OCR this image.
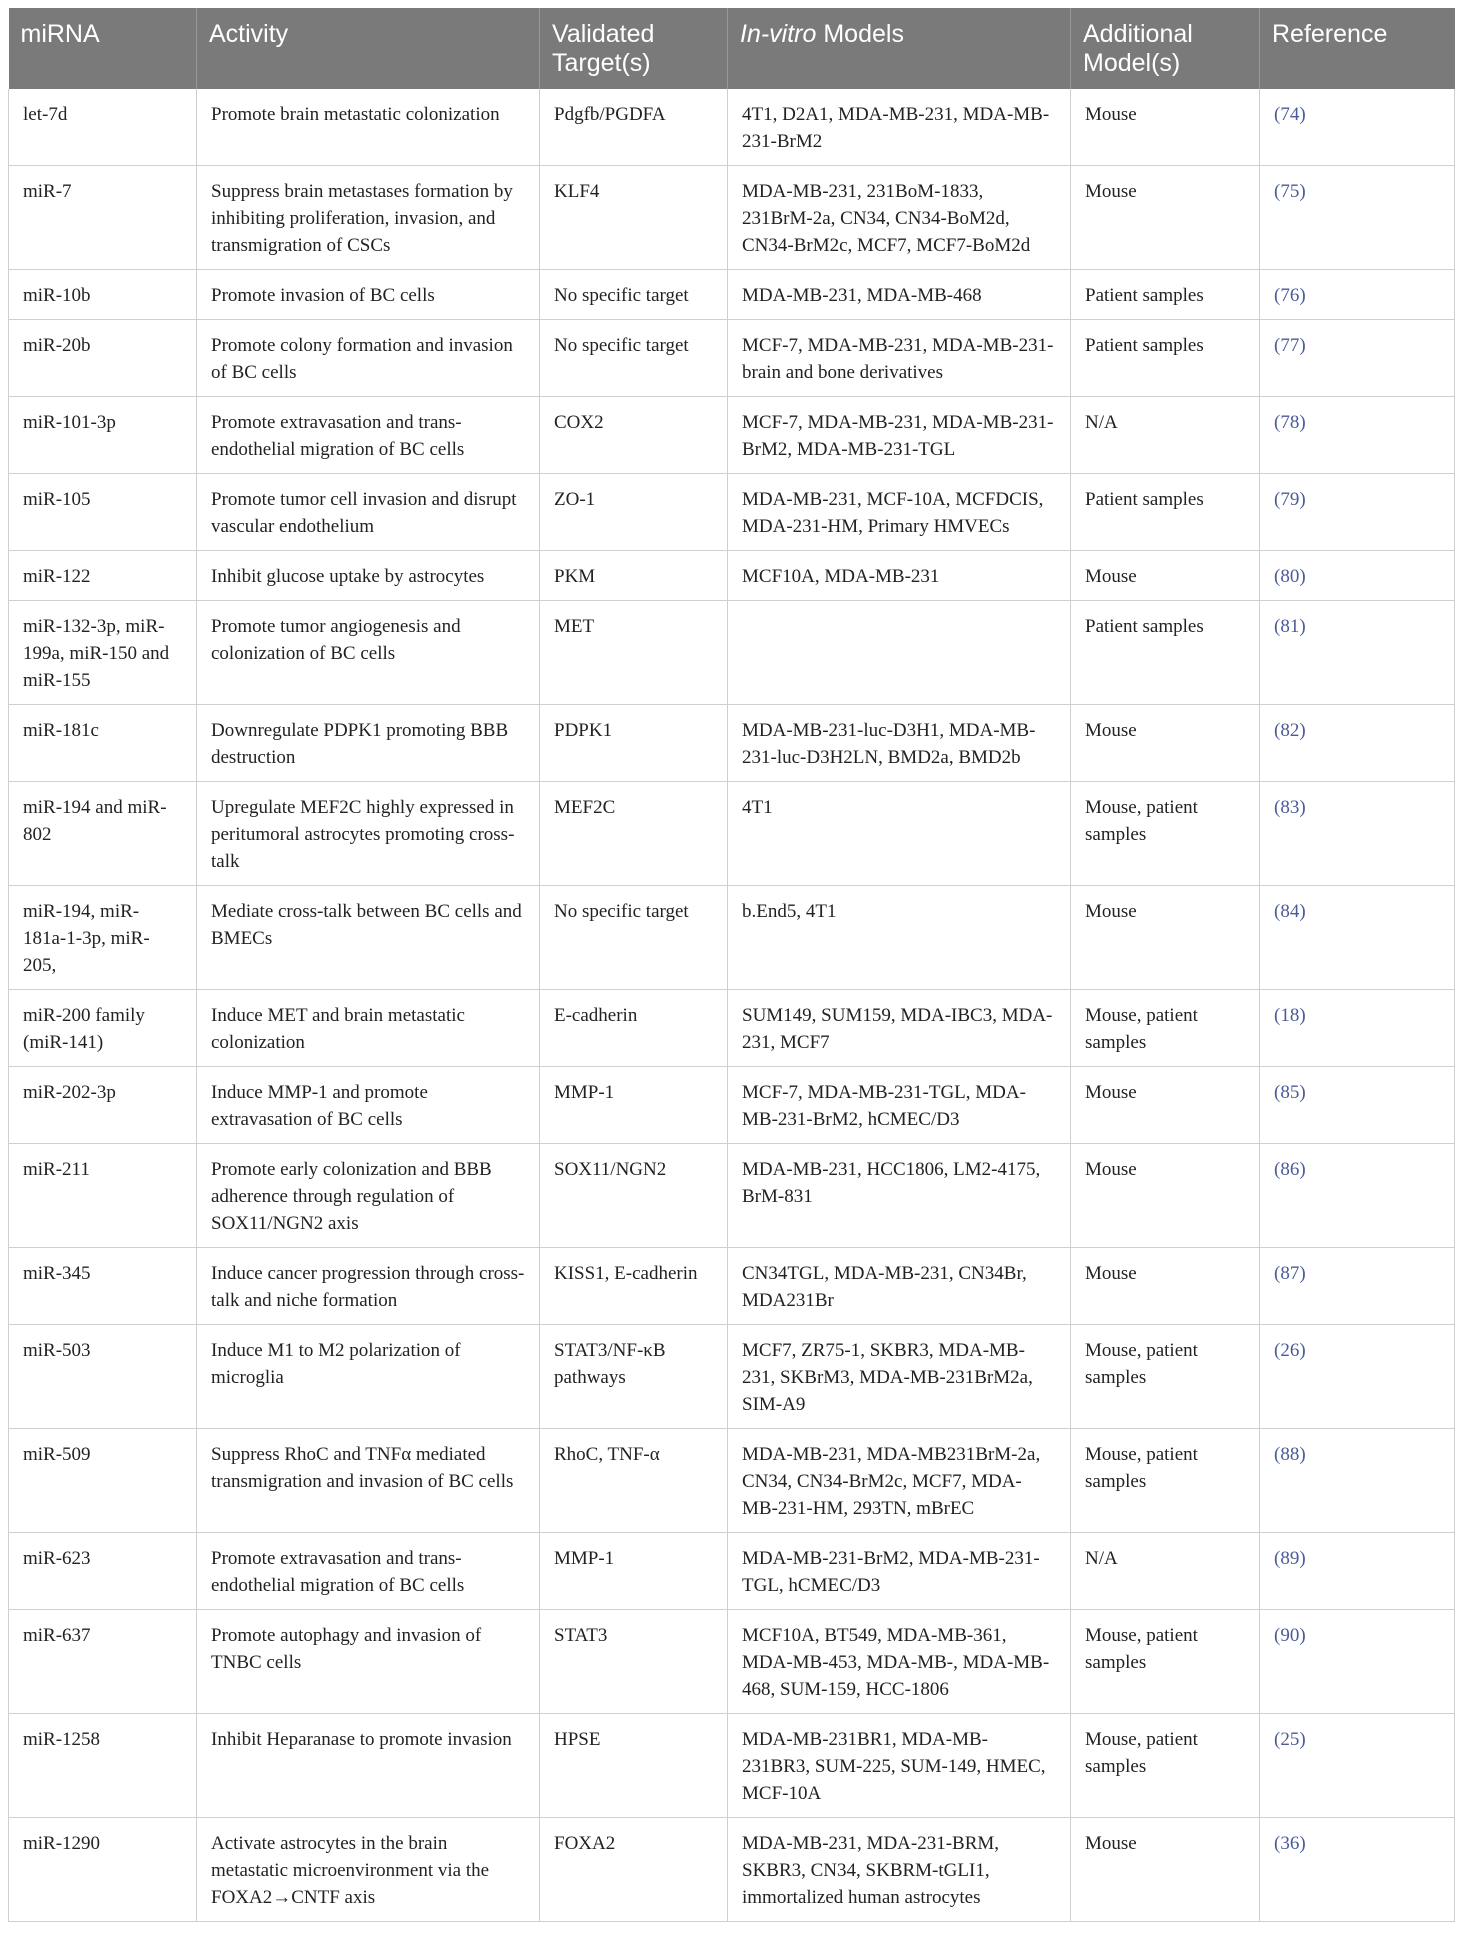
miRNA	Activity	Validated Target(s)	In-vitro Models	Additional Model(s)	Reference
let-7d	Promote brain metastatic colonization	Pdgfb/PGDFA	4T1, D2A1, MDA-MB-231, MDA-MB-231-BrM2	Mouse	(74)
miR-7	Suppress brain metastases formation by inhibiting proliferation, invasion, and transmigration of CSCs	KLF4	MDA-MB-231, 231BoM-1833, 231BrM-2a, CN34, CN34-BoM2d, CN34-BrM2c, MCF7, MCF7-BoM2d	Mouse	(75)
miR-10b	Promote invasion of BC cells	No specific target	MDA-MB-231, MDA-MB-468	Patient samples	(76)
miR-20b	Promote colony formation and invasion of BC cells	No specific target	MCF-7, MDA-MB-231, MDA-MB-231-brain and bone derivatives	Patient samples	(77)
miR-101-3p	Promote extravasation and trans-endothelial migration of BC cells	COX2	MCF-7, MDA-MB-231, MDA-MB-231-BrM2, MDA-MB-231-TGL	N/A	(78)
miR-105	Promote tumor cell invasion and disrupt vascular endothelium	ZO-1	MDA-MB-231, MCF-10A, MCFDCIS, MDA-231-HM, Primary HMVECs	Patient samples	(79)
miR-122	Inhibit glucose uptake by astrocytes	PKM	MCF10A, MDA-MB-231	Mouse	(80)
miR-132-3p, miR-199a, miR-150 and miR-155	Promote tumor angiogenesis and colonization of BC cells	MET		Patient samples	(81)
miR-181c	Downregulate PDPK1 promoting BBB destruction	PDPK1	MDA-MB-231-luc-D3H1, MDA-MB-231-luc-D3H2LN, BMD2a, BMD2b	Mouse	(82)
miR-194 and miR-802	Upregulate MEF2C highly expressed in peritumoral astrocytes promoting cross-talk	MEF2C	4T1	Mouse, patient samples	(83)
miR-194, miR-181a-1-3p, miR-205,	Mediate cross-talk between BC cells and BMECs	No specific target	b.End5, 4T1	Mouse	(84)
miR-200 family (miR-141)	Induce MET and brain metastatic colonization	E-cadherin	SUM149, SUM159, MDA-IBC3, MDA-231, MCF7	Mouse, patient samples	(18)
miR-202-3p	Induce MMP-1 and promote extravasation of BC cells	MMP-1	MCF-7, MDA-MB-231-TGL, MDA-MB-231-BrM2, hCMEC/D3	Mouse	(85)
miR-211	Promote early colonization and BBB adherence through regulation of SOX11/NGN2 axis	SOX11/NGN2	MDA-MB-231, HCC1806, LM2-4175, BrM-831	Mouse	(86)
miR-345	Induce cancer progression through cross-talk and niche formation	KISS1, E-cadherin	CN34TGL, MDA-MB-231, CN34Br, MDA231Br	Mouse	(87)
miR-503	Induce M1 to M2 polarization of microglia	STAT3/NF-κB pathways	MCF7, ZR75-1, SKBR3, MDA-MB-231, SKBrM3, MDA-MB-231BrM2a, SIM-A9	Mouse, patient samples	(26)
miR-509	Suppress RhoC and TNFα mediated transmigration and invasion of BC cells	RhoC, TNF-α	MDA-MB-231, MDA-MB231BrM-2a, CN34, CN34-BrM2c, MCF7, MDA-MB-231-HM, 293TN, mBrEC	Mouse, patient samples	(88)
miR-623	Promote extravasation and trans-endothelial migration of BC cells	MMP-1	MDA-MB-231-BrM2, MDA-MB-231-TGL, hCMEC/D3	N/A	(89)
miR-637	Promote autophagy and invasion of TNBC cells	STAT3	MCF10A, BT549, MDA-MB-361, MDA-MB-453, MDA-MB-, MDA-MB-468, SUM-159, HCC-1806	Mouse, patient samples	(90)
miR-1258	Inhibit Heparanase to promote invasion	HPSE	MDA-MB-231BR1, MDA-MB-231BR3, SUM-225, SUM-149, HMEC, MCF-10A	Mouse, patient samples	(25)
miR-1290	Activate astrocytes in the brain metastatic microenvironment via the FOXA2→CNTF axis	FOXA2	MDA-MB-231, MDA-231-BRM, SKBR3, CN34, SKBRM-tGLI1, immortalized human astrocytes	Mouse	(36)
